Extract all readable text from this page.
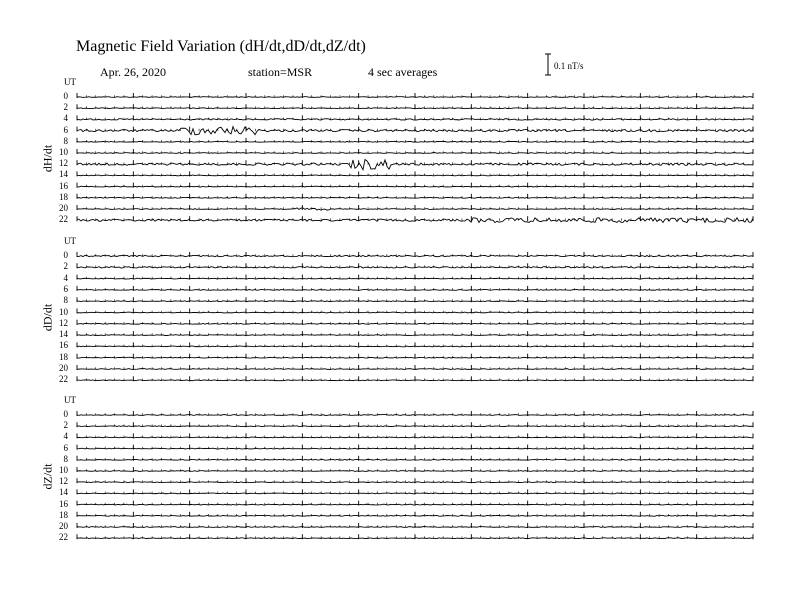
Magnetic Field Variation (dH/dt,dD/dt,dZ/dt)
Apr. 26, 2020	station=MSR	4 sec averages	0.1 nT/s
UT
dH/dt
0
2
4
6
8
10
12
14
16
18
20
22
UT
dD/dt
0
2
4
6
8
10
12
14
16
18
20
22
UT
dZ/dt
0
2
4
6
8
10
12
14
16
18
20
22
